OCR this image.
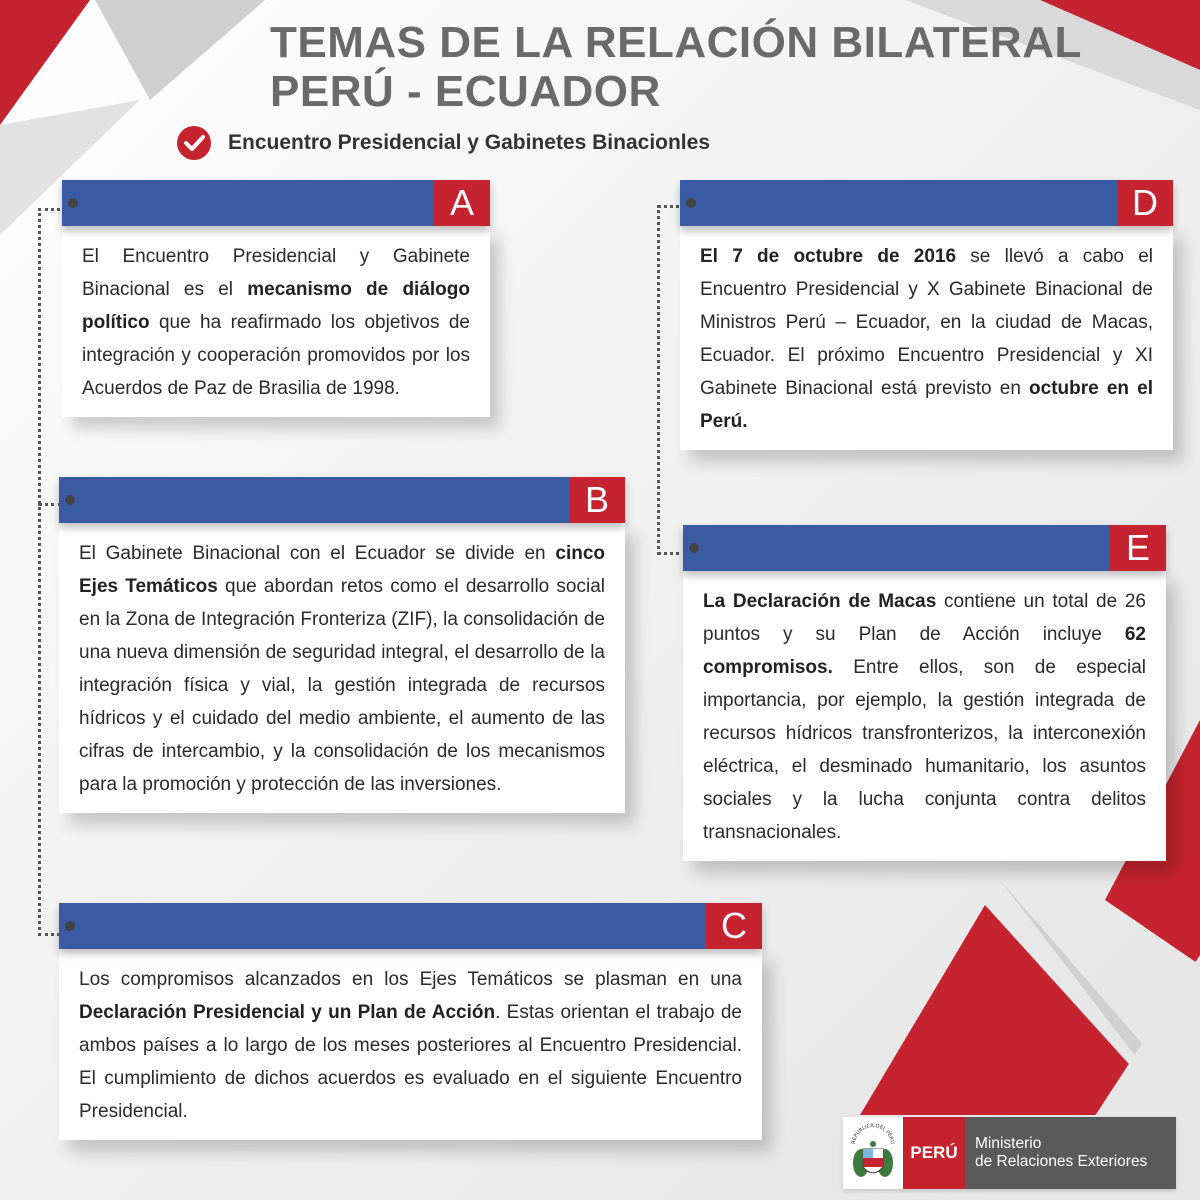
TEMAS DE LA RELACIÓN BILATERAL
PERÚ - ECUADOR
Encuentro Presidencial y Gabinetes Binacionles
A
El Encuentro Presidencial y Gabinete Binacional es el mecanismo de diálogo político que ha reafirmado los objetivos de integración y cooperación promovidos por los Acuerdos de Paz de Brasilia de 1998.
B
El Gabinete Binacional con el Ecuador se divide en cinco Ejes Temáticos que abordan retos como el desarrollo social en la Zona de Integración Fronteriza (ZIF), la consolidación de una nueva dimensión de seguridad integral, el desarrollo de la integración física y vial, la gestión integrada de recursos hídricos y el cuidado del medio ambiente, el aumento de las cifras de intercambio, y la consolidación de los mecanismos para la promoción y protección de las inversiones.
C
Los compromisos alcanzados en los Ejes Temáticos se plasman en una Declaración Presidencial y un Plan de Acción. Estas orientan el trabajo de ambos países a lo largo de los meses posteriores al Encuentro Presidencial. El cumplimiento de dichos acuerdos es evaluado en el siguiente Encuentro Presidencial.
D
El 7 de octubre de 2016 se llevó a cabo el Encuentro Presidencial y X Gabinete Binacional de Ministros Perú – Ecuador, en la ciudad de Macas, Ecuador. El próximo Encuentro Presidencial y XI Gabinete Binacional está previsto en octubre en el Perú.
E
La Declaración de Macas contiene un total de 26 puntos y su Plan de Acción incluye 62 compromisos. Entre ellos, son de especial importancia, por ejemplo, la gestión integrada de recursos hídricos transfronterizos, la interconexión eléctrica, el desminado humanitario, los asuntos sociales y la lucha conjunta contra delitos transnacionales.
REPÚBLICA DEL PERÚ
PERÚ	Ministerio
de Relaciones Exteriores
